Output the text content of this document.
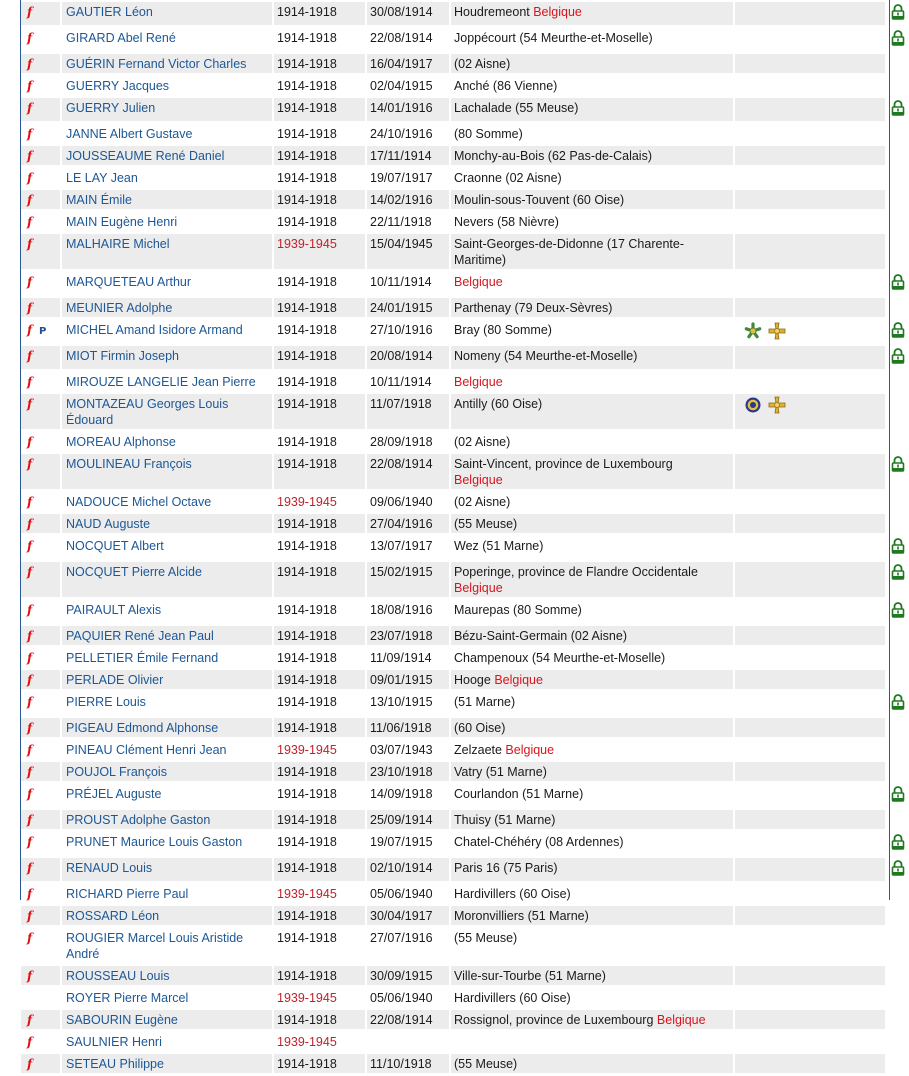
f	GAUTIER Léon	1914-1918	30/08/1914	Houdremeont Belgique		
f	GIRARD Abel René	1914-1918	22/08/1914	Joppécourt (54 Meurthe-et-Moselle)		
f	GUÉRIN Fernand Victor Charles	1914-1918	16/04/1917	(02 Aisne)		
f	GUERRY Jacques	1914-1918	02/04/1915	Anché (86 Vienne)		
f	GUERRY Julien	1914-1918	14/01/1916	Lachalade (55 Meuse)		
f	JANNE Albert Gustave	1914-1918	24/10/1916	(80 Somme)		
f	JOUSSEAUME René Daniel	1914-1918	17/11/1914	Monchy-au-Bois (62 Pas-de-Calais)		
f	LE LAY Jean	1914-1918	19/07/1917	Craonne (02 Aisne)		
f	MAIN Émile	1914-1918	14/02/1916	Moulin-sous-Touvent (60 Oise)		
f	MAIN Eugène Henri	1914-1918	22/11/1918	Nevers (58 Nièvre)		
f	MALHAIRE Michel	1939-1945	15/04/1945	Saint-Georges-de-Didonne (17 Charente-Maritime)		
f	MARQUETEAU Arthur	1914-1918	10/11/1914	Belgique		
f	MEUNIER Adolphe	1914-1918	24/01/1915	Parthenay (79 Deux-Sèvres)		
f P	MICHEL Amand Isidore Armand	1914-1918	27/10/1916	Bray (80 Somme)		
f	MIOT Firmin Joseph	1914-1918	20/08/1914	Nomeny (54 Meurthe-et-Moselle)		
f	MIROUZE LANGELIE Jean Pierre	1914-1918	10/11/1914	Belgique		
f	MONTAZEAU Georges Louis Édouard	1914-1918	11/07/1918	Antilly (60 Oise)		
f	MOREAU Alphonse	1914-1918	28/09/1918	(02 Aisne)		
f	MOULINEAU François	1914-1918	22/08/1914	Saint-Vincent, province de Luxembourg
Belgique		
f	NADOUCE Michel Octave	1939-1945	09/06/1940	(02 Aisne)		
f	NAUD Auguste	1914-1918	27/04/1916	(55 Meuse)		
f	NOCQUET Albert	1914-1918	13/07/1917	Wez (51 Marne)		
f	NOCQUET Pierre Alcide	1914-1918	15/02/1915	Poperinge, province de Flandre Occidentale
Belgique		
f	PAIRAULT Alexis	1914-1918	18/08/1916	Maurepas (80 Somme)		
f	PAQUIER René Jean Paul	1914-1918	23/07/1918	Bézu-Saint-Germain (02 Aisne)		
f	PELLETIER Émile Fernand	1914-1918	11/09/1914	Champenoux (54 Meurthe-et-Moselle)		
f	PERLADE Olivier	1914-1918	09/01/1915	Hooge Belgique		
f	PIERRE Louis	1914-1918	13/10/1915	(51 Marne)		
f	PIGEAU Edmond Alphonse	1914-1918	11/06/1918	(60 Oise)		
f	PINEAU Clément Henri Jean	1939-1945	03/07/1943	Zelzaete Belgique		
f	POUJOL François	1914-1918	23/10/1918	Vatry (51 Marne)		
f	PRÉJEL Auguste	1914-1918	14/09/1918	Courlandon (51 Marne)		
f	PROUST Adolphe Gaston	1914-1918	25/09/1914	Thuisy (51 Marne)		
f	PRUNET Maurice Louis Gaston	1914-1918	19/07/1915	Chatel-Chéhéry (08 Ardennes)		
f	RENAUD Louis	1914-1918	02/10/1914	Paris 16 (75 Paris)		
f	RICHARD Pierre Paul	1939-1945	05/06/1940	Hardivillers (60 Oise)		
f	ROSSARD Léon	1914-1918	30/04/1917	Moronvilliers (51 Marne)		
f	ROUGIER Marcel Louis Aristide André	1914-1918	27/07/1916	(55 Meuse)		
f	ROUSSEAU Louis	1914-1918	30/09/1915	Ville-sur-Tourbe (51 Marne)		
	ROYER Pierre Marcel	1939-1945	05/06/1940	Hardivillers (60 Oise)		
f	SABOURIN Eugène	1914-1918	22/08/1914	Rossignol, province de Luxembourg Belgique		
f	SAULNIER Henri	1939-1945				
f	SETEAU Philippe	1914-1918	11/10/1918	(55 Meuse)		
